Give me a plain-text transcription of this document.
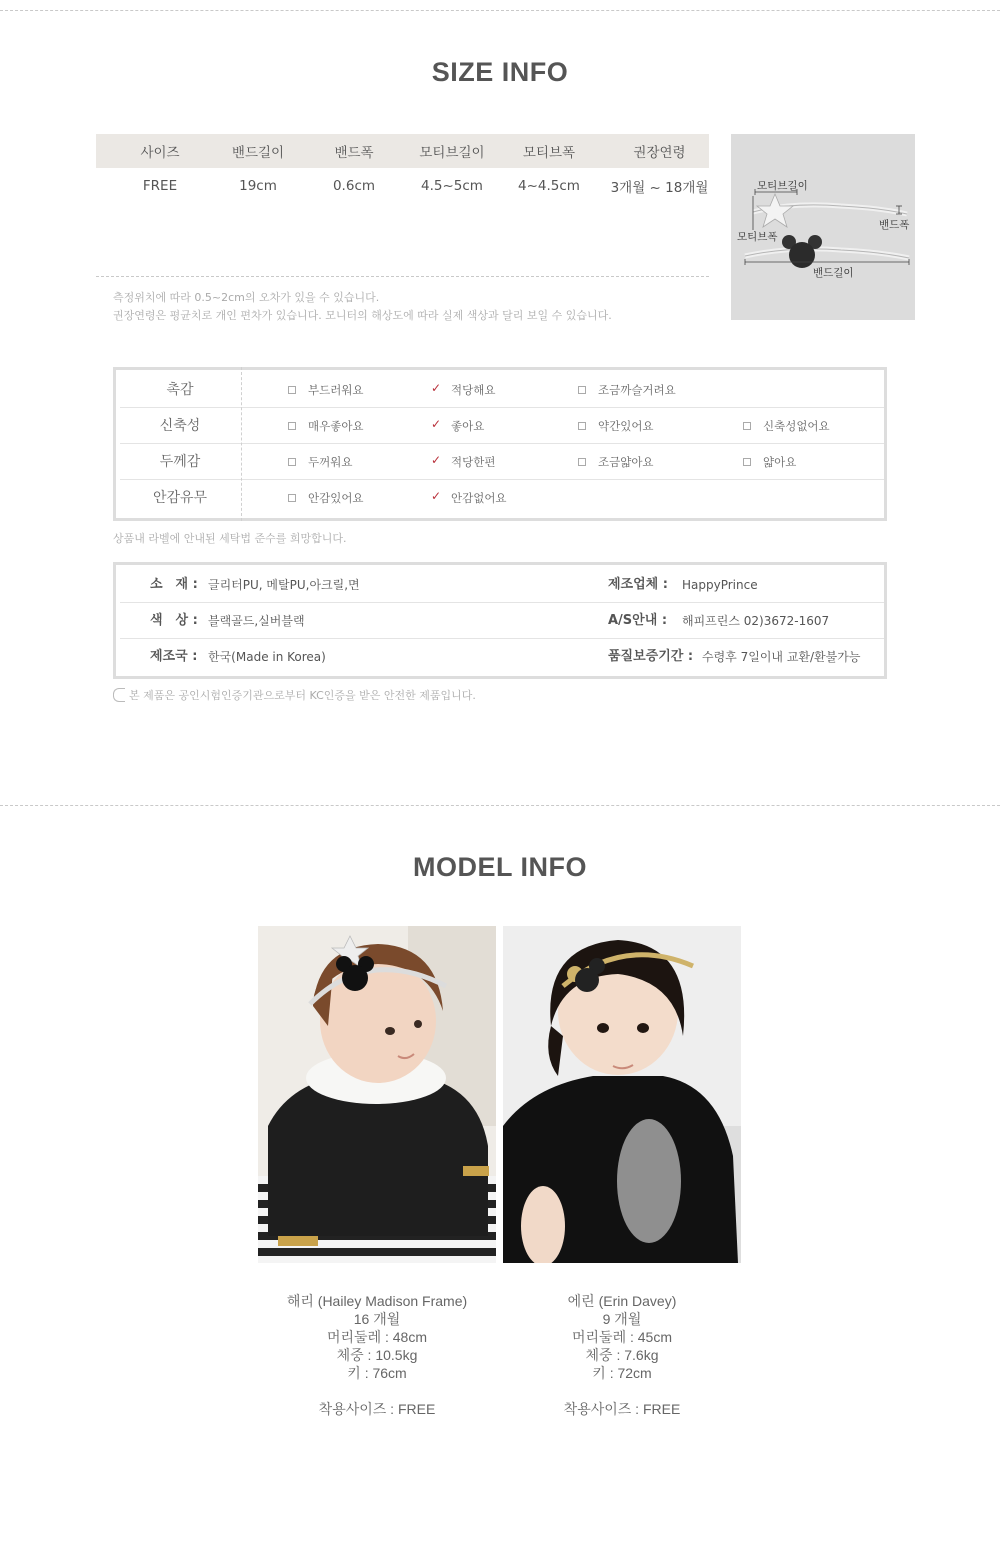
SIZE INFO
사이즈	밴드길이	밴드폭	모티브길이	모티브폭	권장연령
FREE	19cm	0.6cm	4.5~5cm	4~4.5cm	3개월 ~ 18개월
측정위치에 따라 0.5~2cm의 오차가 있을 수 있습니다.
권장연령은 평균치로 개인 편차가 있습니다. 모니터의 해상도에 따라 실제 색상과 달리 보일 수 있습니다.
모티브길이
모티브폭
밴드폭
밴드길이
촉감	부드러워요	✓ 적당해요	조금까슬거려요
신축성	매우좋아요	✓ 좋아요	약간있어요	신축성없어요
두께감	두꺼워요	✓ 적당한편	조금얇아요	얇아요
안감유무	안감있어요	✓ 안감없어요
상품내 라벨에 안내된 세탁법 준수를 희망합니다.
소　재 : 글리터PU, 메탈PU,아크릴,면	제조업체 : HappyPrince
색　상 : 블랙골드,실버블랙	A/S안내 : 해피프린스 02)3672-1607
제조국 : 한국(Made in Korea)	품질보증기간 : 수령후 7일이내 교환/환불가능
본 제품은 공인시험인증기관으로부터 KC인증을 받은 안전한 제품입니다.
MODEL INFO
해리 (Hailey Madison Frame)
16 개월
머리둘레 : 48cm
체중 : 10.5kg
키 : 76cm
착용사이즈 : FREE
에린 (Erin Davey)
9 개월
머리둘레 : 45cm
체중 : 7.6kg
키 : 72cm
착용사이즈 : FREE
